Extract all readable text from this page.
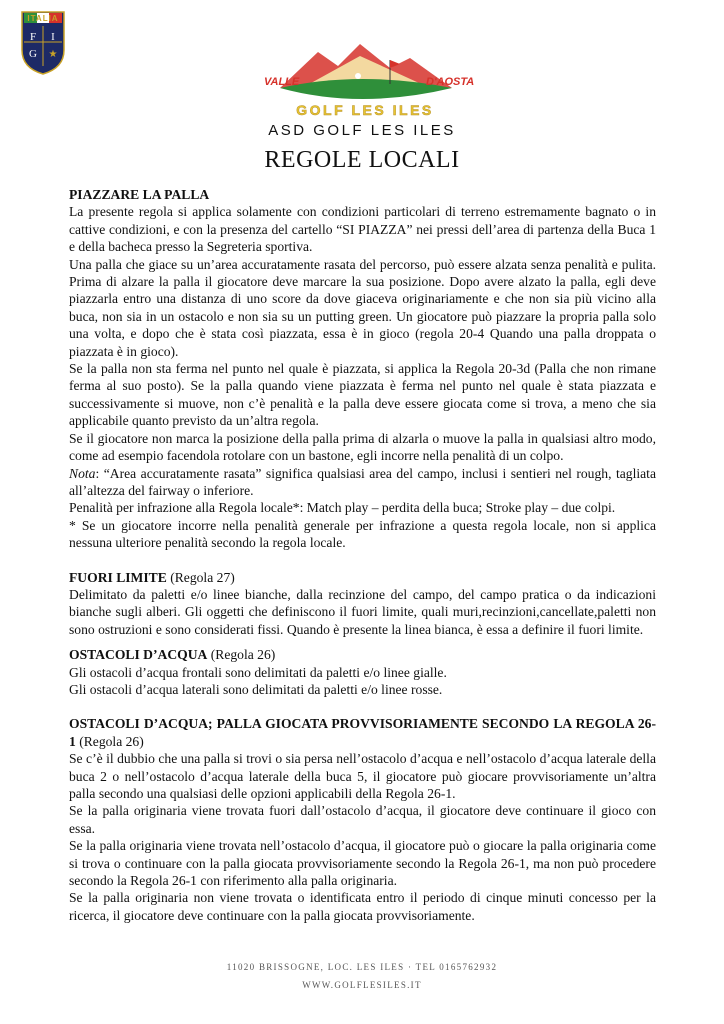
ITALIA
F I
G ★
VALLE	D'AOSTA
GOLF LES ILES
ASD GOLF LES ILES
REGOLE LOCALI
PIAZZARE LA PALLA

La presente regola si applica solamente con condizioni particolari di terreno estremamente bagnato o in cattive condizioni, e con la presenza del cartello “SI PIAZZA” nei pressi dell’area di partenza della Buca 1 e della bacheca presso la Segreteria sportiva.

Una palla che giace su un’area accuratamente rasata del percorso, può essere alzata senza penalità e pulita. Prima di alzare la palla il giocatore deve marcare la sua posizione. Dopo avere alzato la palla, egli deve piazzarla entro una distanza di uno score da dove giaceva originariamente e che non sia più vicino alla buca, non sia in un ostacolo e non sia su un putting green. Un giocatore può piazzare la propria palla solo una volta, e dopo che è stata così piazzata, essa è in gioco (regola 20-4 Quando una palla droppata o piazzata è in gioco).

Se la palla non sta ferma nel punto nel quale è piazzata, si applica la Regola 20-3d (Palla che non rimane ferma al suo posto). Se la palla quando viene piazzata è ferma nel punto nel quale è stata piazzata e successivamente si muove, non c’è penalità e la palla deve essere giocata come si trova, a meno che sia applicabile quanto previsto da un’altra regola.

Se il giocatore non marca la posizione della palla prima di alzarla o muove la palla in qualsiasi altro modo, come ad esempio facendola rotolare con un bastone, egli incorre nella penalità di un colpo.

Nota: “Area accuratamente rasata” significa qualsiasi area del campo, inclusi i sentieri nel rough, tagliata all’altezza del fairway o inferiore.

Penalità per infrazione alla Regola locale*: Match play – perdita della buca; Stroke play – due colpi.

* Se un giocatore incorre nella penalità generale per infrazione a questa regola locale, non si applica nessuna ulteriore penalità secondo la regola locale.

FUORI LIMITE (Regola 27)

Delimitato da paletti e/o linee bianche, dalla recinzione del campo, del campo pratica o da indicazioni bianche sugli alberi. Gli oggetti che definiscono il fuori limite, quali muri,recinzioni,cancellate,paletti non sono ostruzioni e sono considerati fissi. Quando è presente la linea bianca, è essa a definire il fuori limite.

OSTACOLI D’ACQUA (Regola 26)

Gli ostacoli d’acqua frontali sono delimitati da paletti e/o linee gialle.

Gli ostacoli d’acqua laterali sono delimitati da paletti e/o linee rosse.

OSTACOLI D’ACQUA; PALLA GIOCATA PROVVISORIAMENTE SECONDO LA REGOLA 26-1 (Regola 26)

Se c’è il dubbio che una palla si trovi o sia persa nell’ostacolo d’acqua e nell’ostacolo d’acqua laterale della buca 2 o nell’ostacolo d’acqua laterale della buca 5, il giocatore può giocare provvisoriamente un’altra palla secondo una qualsiasi delle opzioni applicabili della Regola 26-1.

Se la palla originaria viene trovata fuori dall’ostacolo d’acqua, il giocatore deve continuare il gioco con essa.

Se la palla originaria viene trovata nell’ostacolo d’acqua, il giocatore può o giocare la palla originaria come si trova o continuare con la palla giocata provvisoriamente secondo la Regola 26-1, ma non può procedere secondo la Regola 26-1 con riferimento alla palla originaria.

Se la palla originaria non viene trovata o identificata entro il periodo di cinque minuti concesso per la ricerca, il giocatore deve continuare con la palla giocata provvisoriamente.

11020 BRISSOGNE, LOC. LES ILES · TEL 0165762932
WWW.GOLFLESILES.IT
